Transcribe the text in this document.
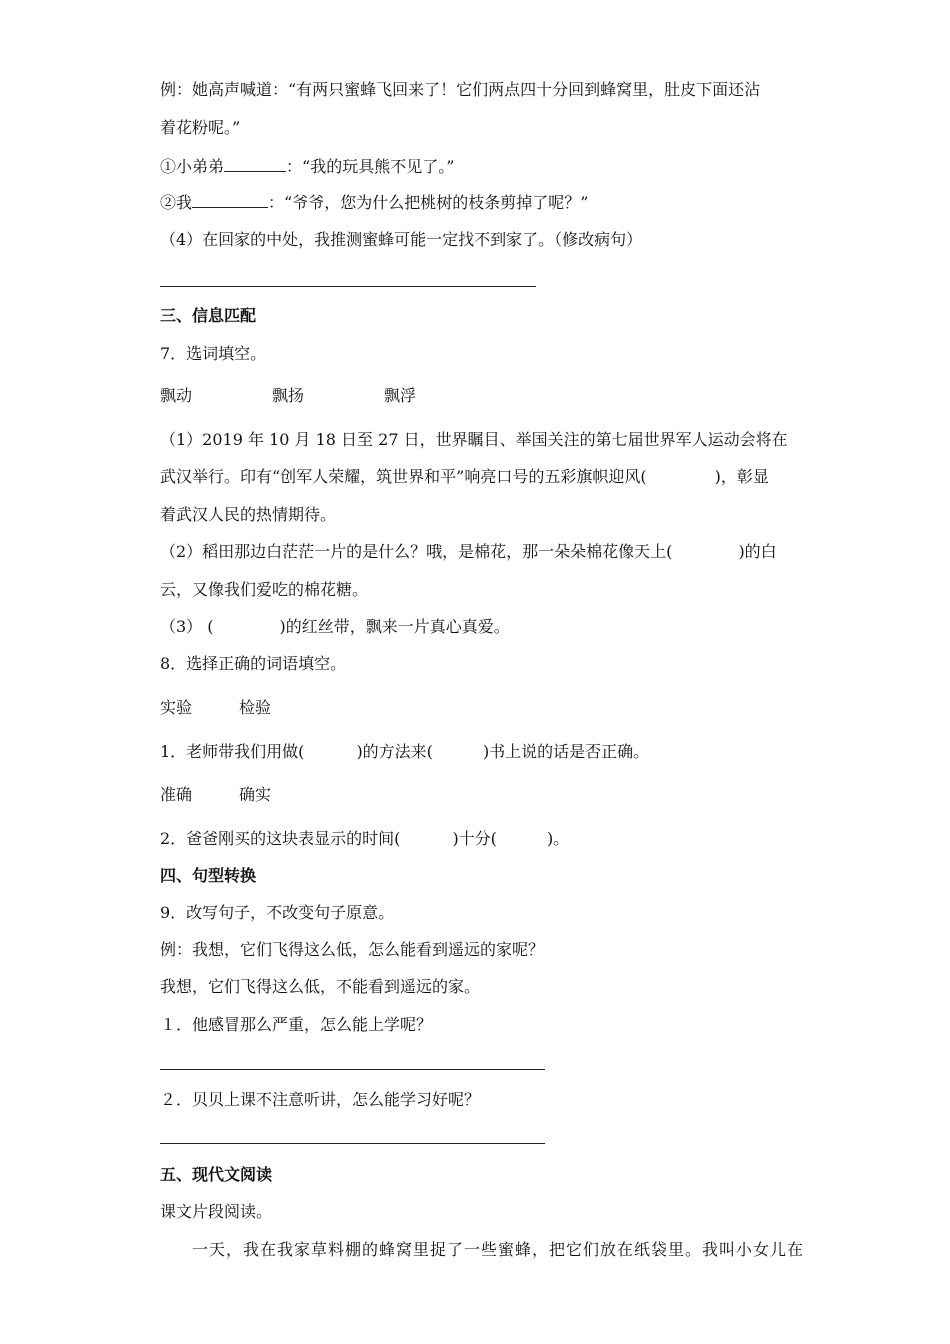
例：她高声喊道：“有两只蜜蜂飞回来了！它们两点四十分回到蜂窝里，肚皮下面还沾
着花粉呢。”
①小弟弟	：“我的玩具熊不见了。”
②我	：“爷爷，您为什么把桃树的枝条剪掉了呢？”
（4）在回家的中处，我推测蜜蜂可能一定找不到家了。（修改病句）
三、信息匹配
7．选词填空。
飘动	飘扬	飘浮
（1）2019 年 10 月 18 日至 27 日，世界瞩目、举国关注的第七届世界军人运动会将在
武汉举行。印有“创军人荣耀，筑世界和平”响亮口号的五彩旗帜迎风(	)，彰显
着武汉人民的热情期待。
（2）稻田那边白茫茫一片的是什么？哦，是棉花，那一朵朵棉花像天上(	)的白
云，又像我们爱吃的棉花糖。
（3） (	)的红丝带，飘来一片真心真爱。
8．选择正确的词语填空。
实验	检验
1．老师带我们用做(	)的方法来(	)书上说的话是否正确。
准确	确实
2．爸爸刚买的这块表显示的时间(	)十分(	)。
四、句型转换
9．改写句子，不改变句子原意。
例：我想，它们飞得这么低，怎么能看到遥远的家呢？
我想，它们飞得这么低，不能看到遥远的家。
１．他感冒那么严重，怎么能上学呢？
２．贝贝上课不注意听讲，怎么能学习好呢？
五、现代文阅读
课文片段阅读。
一天，我在我家草料棚的蜂窝里捉了一些蜜蜂，把它们放在纸袋里。我叫小女儿在
